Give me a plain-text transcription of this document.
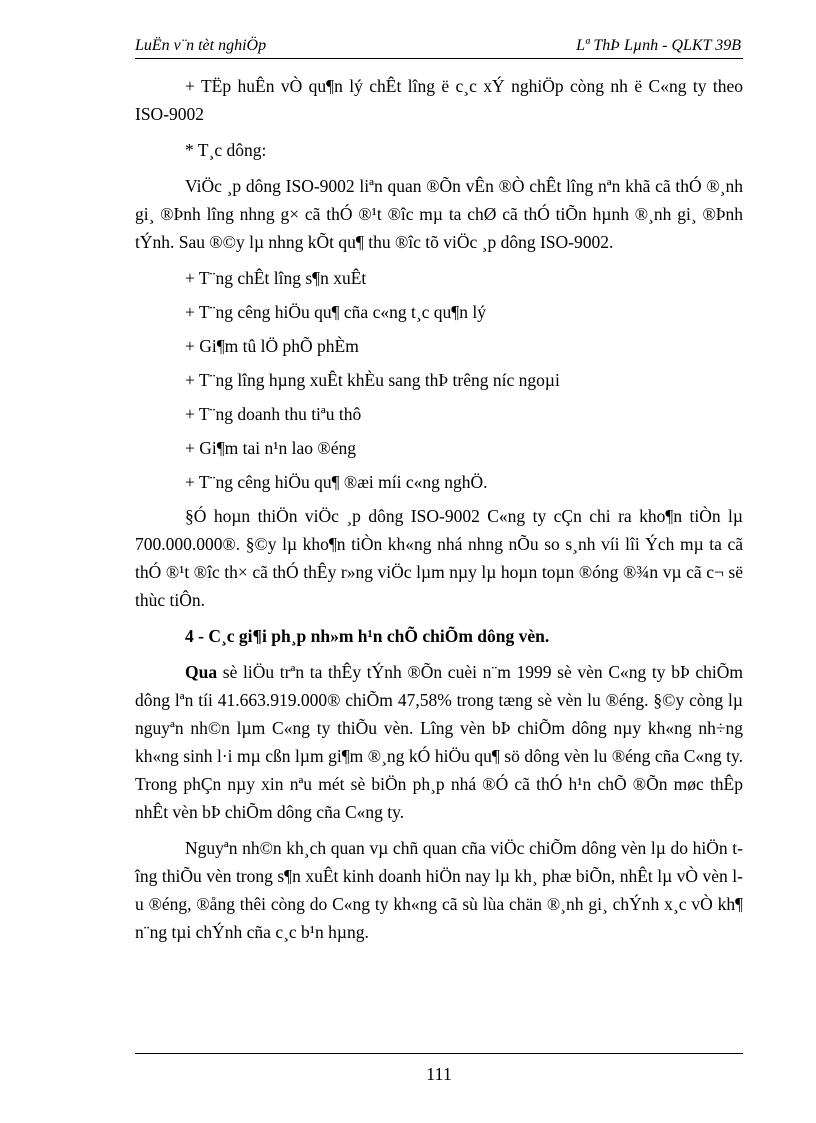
LuËn v¨n tèt nghiÖp	Lª ThÞ Lµnh - QLKT 39B

+ TËp huÊn vÒ qu¶n lý chÊt lîng ë c¸c xÝ nghiÖp còng nh ë C«ng ty theo ISO-9002

* T¸c dông:

ViÖc ¸p dông ISO-9002 liªn quan ®Õn vÊn ®Ò chÊt lîng nªn khã cã thÓ ®¸nh gi¸ ®Þnh lîng nhng g× cã thÓ ®¹t ®îc mµ ta chØ cã thÓ tiÕn hµnh ®¸nh gi¸ ®Þnh tÝnh. Sau ®©y lµ nhng kÕt qu¶ thu ®îc tõ viÖc ¸p dông ISO-9002.

+ T¨ng chÊt lîng s¶n xuÊt

+ T¨ng cêng hiÖu qu¶ cña c«ng t¸c qu¶n lý

+ Gi¶m tû lÖ phÕ phÈm

+ T¨ng lîng hµng xuÊt khÈu sang thÞ trêng níc ngoµi

+ T¨ng doanh thu tiªu thô

+ Gi¶m tai n¹n lao ®éng

+ T¨ng cêng hiÖu qu¶ ®æi míi c«ng nghÖ.

§Ó hoµn thiÖn viÖc ¸p dông ISO-9002 C«ng ty cÇn chi ra kho¶n tiÒn lµ 700.000.000®. §©y lµ kho¶n tiÒn kh«ng nhá nhng nÕu so s¸nh víi lîi Ých mµ ta cã thÓ ®¹t ®îc th× cã thÓ thÊy r»ng viÖc lµm nµy lµ hoµn toµn ®óng ®¾n vµ cã c¬ së thùc tiÔn.

4 - C¸c gi¶i ph¸p nh»m h¹n chÕ chiÕm dông vèn.

Qua sè liÖu trªn ta thÊy tÝnh ®Õn cuèi n¨m 1999 sè vèn C«ng ty bÞ chiÕm dông lªn tíi 41.663.919.000® chiÕm 47,58% trong tæng sè vèn lu ®éng. §©y còng lµ nguyªn nh©n lµm C«ng ty thiÕu vèn. Lîng vèn bÞ chiÕm dông nµy kh«ng nh÷ng kh«ng sinh l·i mµ cßn lµm gi¶m ®¸ng kÓ hiÖu qu¶ sö dông vèn lu ®éng cña C«ng ty. Trong phÇn nµy xin nªu mét sè biÖn ph¸p nhá ®Ó cã thÓ h¹n chÕ ®Õn møc thÊp nhÊt vèn bÞ chiÕm dông cña C«ng ty.

Nguyªn nh©n kh¸ch quan vµ chñ quan cña viÖc chiÕm dông vèn lµ do hiÖn tîng thiÕu vèn trong s¶n xuÊt kinh doanh hiÖn nay lµ kh¸ phæ biÕn, nhÊt lµ vÒ vèn lu ®éng, ®ång thêi còng do C«ng ty kh«ng cã sù lùa chän ®¸nh gi¸ chÝnh x¸c vÒ kh¶ n¨ng tµi chÝnh cña c¸c b¹n hµng.

111
